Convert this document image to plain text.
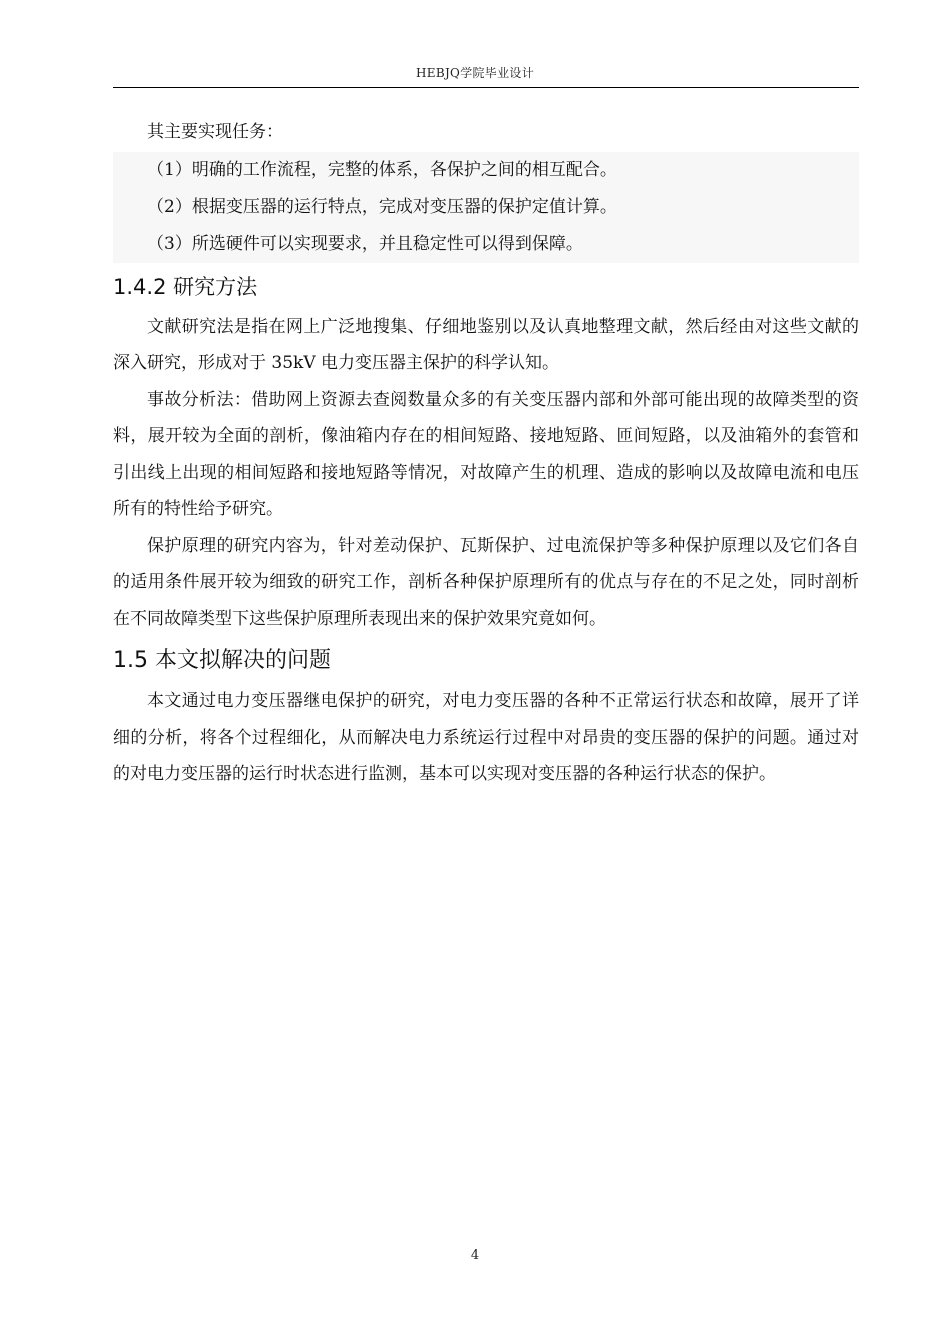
HEBJQ学院毕业设计

其主要实现任务：

（1）明确的工作流程，完整的体系，各保护之间的相互配合。

（2）根据变压器的运行特点，完成对变压器的保护定值计算。

（3）所选硬件可以实现要求，并且稳定性可以得到保障。

1.4.2 研究方法

文献研究法是指在网上广泛地搜集、仔细地鉴别以及认真地整理文献，然后经由对这些文献的深入研究，形成对于 35kV 电力变压器主保护的科学认知。

事故分析法：借助网上资源去查阅数量众多的有关变压器内部和外部可能出现的故障类型的资料，展开较为全面的剖析，像油箱内存在的相间短路、接地短路、匝间短路，以及油箱外的套管和引出线上出现的相间短路和接地短路等情况，对故障产生的机理、造成的影响以及故障电流和电压所有的特性给予研究。

保护原理的研究内容为，针对差动保护、瓦斯保护、过电流保护等多种保护原理以及它们各自的适用条件展开较为细致的研究工作，剖析各种保护原理所有的优点与存在的不足之处，同时剖析在不同故障类型下这些保护原理所表现出来的保护效果究竟如何。

1.5 本文拟解决的问题

本文通过电力变压器继电保护的研究，对电力变压器的各种不正常运行状态和故障，展开了详细的分析，将各个过程细化，从而解决电力系统运行过程中对昂贵的变压器的保护的问题。通过对的对电力变压器的运行时状态进行监测，基本可以实现对变压器的各种运行状态的保护。

4
